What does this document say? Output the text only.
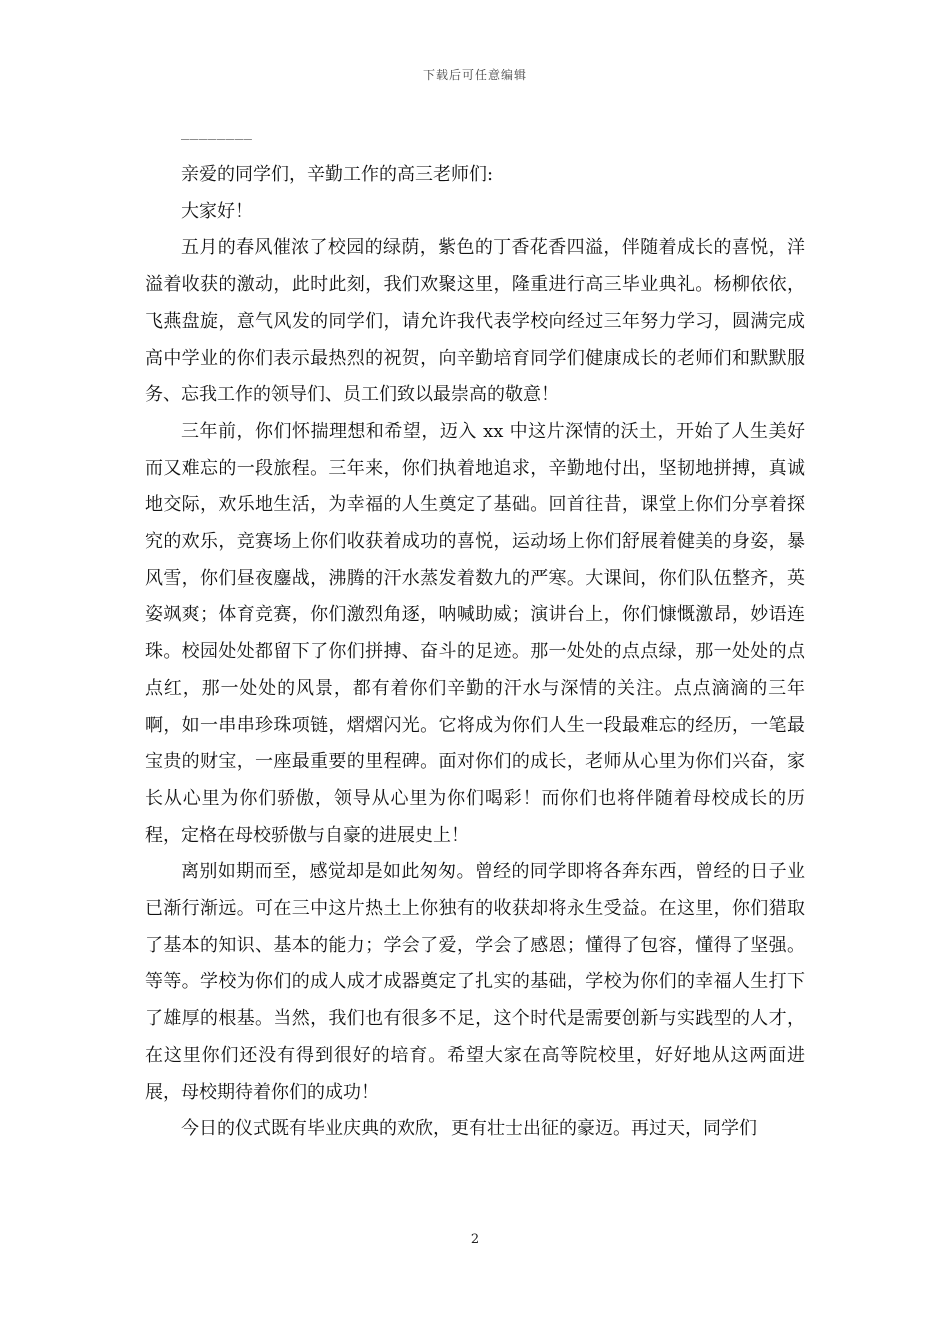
下载后可任意编辑
________

亲爱的同学们，辛勤工作的高三老师们:

大家好！

五月的春风催浓了校园的绿荫，紫色的丁香花香四溢，伴随着成长的喜悦，洋溢着收获的激动，此时此刻，我们欢聚这里，隆重进行高三毕业典礼。杨柳依依，飞燕盘旋，意气风发的同学们，请允许我代表学校向经过三年努力学习，圆满完成高中学业的你们表示最热烈的祝贺，向辛勤培育同学们健康成长的老师们和默默服务、忘我工作的领导们、员工们致以最崇高的敬意！

三年前，你们怀揣理想和希望，迈入 xx 中这片深情的沃土，开始了人生美好而又难忘的一段旅程。三年来，你们执着地追求，辛勤地付出，坚韧地拼搏，真诚地交际，欢乐地生活，为幸福的人生奠定了基础。回首往昔，课堂上你们分享着探究的欢乐，竞赛场上你们收获着成功的喜悦，运动场上你们舒展着健美的身姿，暴风雪，你们昼夜鏖战，沸腾的汗水蒸发着数九的严寒。大课间，你们队伍整齐，英姿飒爽；体育竞赛，你们激烈角逐，呐喊助威；演讲台上，你们慷慨激昂，妙语连珠。校园处处都留下了你们拼搏、奋斗的足迹。那一处处的点点绿，那一处处的点点红，那一处处的风景，都有着你们辛勤的汗水与深情的关注。点点滴滴的三年啊，如一串串珍珠项链，熠熠闪光。它将成为你们人生一段最难忘的经历，一笔最宝贵的财宝，一座最重要的里程碑。面对你们的成长，老师从心里为你们兴奋，家长从心里为你们骄傲，领导从心里为你们喝彩！而你们也将伴随着母校成长的历程，定格在母校骄傲与自豪的进展史上！

离别如期而至，感觉却是如此匆匆。曾经的同学即将各奔东西，曾经的日子业已渐行渐远。可在三中这片热土上你独有的收获却将永生受益。在这里，你们猎取了基本的知识、基本的能力；学会了爱，学会了感恩；懂得了包容，懂得了坚强。等等。学校为你们的成人成才成器奠定了扎实的基础，学校为你们的幸福人生打下了雄厚的根基。当然，我们也有很多不足，这个时代是需要创新与实践型的人才，在这里你们还没有得到很好的培育。希望大家在高等院校里，好好地从这两面进展，母校期待着你们的成功！

今日的仪式既有毕业庆典的欢欣，更有壮士出征的豪迈。再过天，同学们

2
